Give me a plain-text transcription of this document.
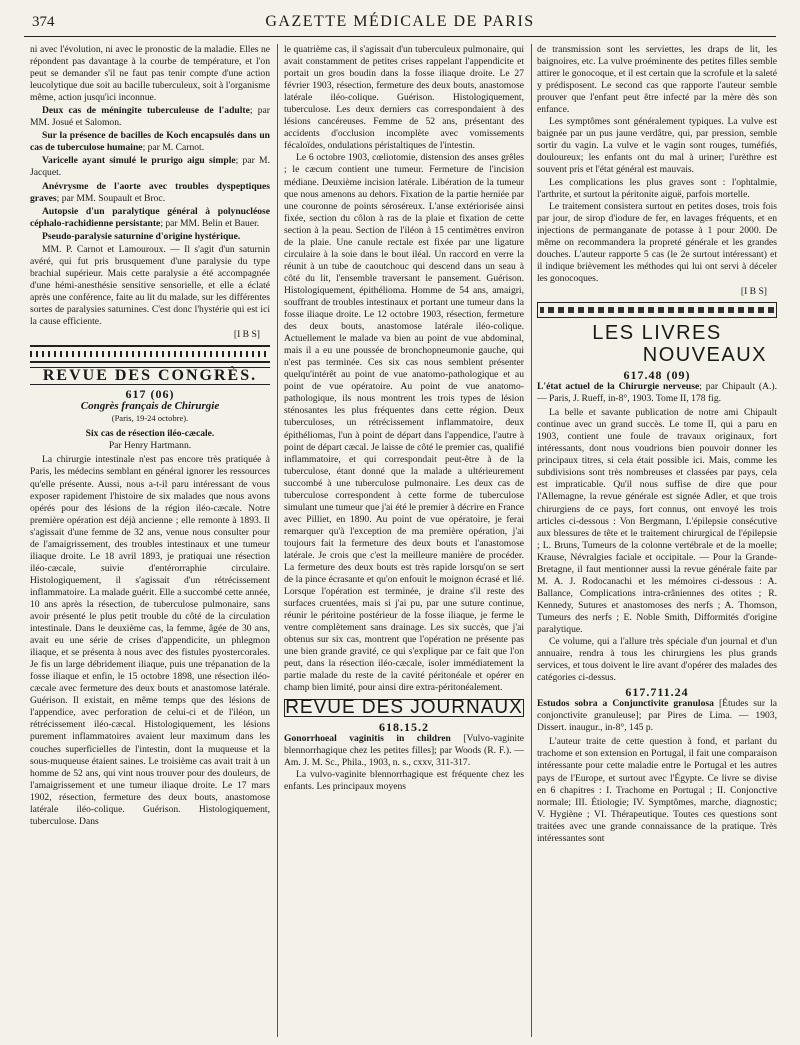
374	GAZETTE MÉDICALE DE PARIS

ni avec l'évolution, ni avec le pronostic de la maladie. Elles ne répondent pas davantage à la courbe de température, et l'on peut se demander s'il ne faut pas tenir compte d'une action leucolytique due soit au bacille tuberculeux, soit à l'organisme même, action jusqu'ici inconnue.

Deux cas de méningite tuberculeuse de l'adulte; par MM. Josué et Salomon.
Sur la présence de bacilles de Koch encapsulés dans un cas de tuberculose humaine; par M. Carnot.
Varicelle ayant simulé le prurigo aigu simple; par M. Jacquet.
Anévrysme de l'aorte avec troubles dyspeptiques graves; par MM. Soupault et Broc.
Autopsie d'un paralytique général à polynucléose céphalo-rachidienne persistante; par MM. Belin et Bauer.
Pseudo-paralysie saturnine d'origine hystérique.

MM. P. Carnot et Lamouroux. — Il s'agit d'un saturnin avéré, qui fut pris brusquement d'une paralysie du type brachial supérieur. Mais cette paralysie a été accompagnée d'une hémi-anesthésie sensitive sensorielle, et elle a éclaté après une conférence, faite au lit du malade, sur les différentes sortes de paralysies saturnines. C'est donc l'hystérie qui est ici la cause efficiente.

[I B S]
REVUE DES CONGRÈS.
617 (06)
Congrès français de Chirurgie
(Paris, 19-24 octobre).
Six cas de résection iléo-cæcale.
Par Henry Hartmann.

La chirurgie intestinale n'est pas encore très pratiquée à Paris, les médecins semblant en général ignorer les ressources qu'elle présente. Aussi, nous a-t-il paru intéressant de vous exposer rapidement l'histoire de six malades que nous avons opérés pour des lésions de la région iléo-cæcale. Notre première opération est déjà ancienne ; elle remonte à 1893. Il s'agissait d'une femme de 32 ans, venue nous consulter pour de l'amaigrissement, des troubles intestinaux et une tumeur iliaque droite. Le 18 avril 1893, je pratiquai une résection iléo-cæcale, suivie d'entérorraphie circulaire. Histologiquement, il s'agissait d'un rétrécissement inflammatoire. La malade guérit. Elle a succombé cette année, 10 ans après la résection, de tuberculose pulmonaire, sans avoir présenté le plus petit trouble du côté de la circulation intestinale. Dans le deuxième cas, la femme, âgée de 30 ans, avait eu une série de crises d'appendicite, un phlegmon iliaque, et se présenta à nous avec des fistules pyostercorales. Je fis un large débridement iliaque, puis une trépanation de la fosse iliaque et enfin, le 15 octobre 1898, une résection iléo-cæcale avec fermeture des deux bouts et anastomose latérale. Guérison. Il existait, en même temps que des lésions de l'appendice, avec perforation de celui-ci et de l'iléon, un rétrécissement iléo-cæcal. Histologiquement, les lésions purement inflammatoires avaient leur maximum dans les couches superficielles de l'intestin, dont la muqueuse et la sous-muqueuse étaient saines. Le troisième cas avait trait à un homme de 52 ans, qui vint nous trouver pour des douleurs, de l'amaigrissement et une tumeur iliaque droite. Le 17 mars 1902, résection, fermeture des deux bouts, anastomose latérale iléo-colique. Guérison. Histologiquement, tuberculose. Dans

le quatrième cas, il s'agissait d'un tuberculeux pulmonaire, qui avait constamment de petites crises rappelant l'appendicite et portait un gros boudin dans la fosse iliaque droite. Le 27 février 1903, résection, fermeture des deux bouts, anastomose latérale iléo-colique. Guérison. Histologiquement, tuberculose. Les deux derniers cas correspondaient à des lésions cancéreuses. Femme de 52 ans, présentant des accidents d'occlusion incomplète avec vomissements fécaloïdes, ondulations péristaltiques de l'intestin.

Le 6 octobre 1903, cœliotomie, distension des anses grêles ; le cæcum contient une tumeur. Fermeture de l'incision médiane. Deuxième incision latérale. Libération de la tumeur que nous amenons au dehors. Fixation de la partie herniée par une couronne de points séroséreux. L'anse extériorisée ainsi fixée, section du côlon à ras de la plaie et fixation de cette section à la peau. Section de l'iléon à 15 centimètres environ de la plaie. Une canule rectale est fixée par une ligature circulaire à la soie dans le bout iléal. Un raccord en verre la réunit à un tube de caoutchouc qui descend dans un seau à côté du lit, l'ensemble traversant le pansement. Guérison. Histologiquement, épithélioma. Homme de 54 ans, amaigri, souffrant de troubles intestinaux et portant une tumeur dans la fosse iliaque droite. Le 12 octobre 1903, résection, fermeture des deux bouts, anastomose latérale iléo-colique. Actuellement le malade va bien au point de vue abdominal, mais il a eu une poussée de bronchopneumonie gauche, qui n'est pas terminée. Ces six cas nous semblent présenter quelqu'intérêt au point de vue anatomo-pathologique et au point de vue opératoire. Au point de vue anatomo-pathologique, ils nous montrent les trois types de lésion sténosantes les plus fréquentes dans cette région. Deux tuberculoses, un rétrécissement inflammatoire, deux épithéliomas, l'un à point de départ dans l'appendice, l'autre à point de départ cæcal. Je laisse de côté le premier cas, qualifié inflammatoire, et qui correspondait peut-être à de la tuberculose, étant donné que la malade a ultérieurement succombé à une tuberculose pulmonaire. Les deux cas de tuberculose correspondent à cette forme de tuberculose simulant une tumeur que j'ai été le premier à décrire en France avec Pilliet, en 1890. Au point de vue opératoire, je ferai remarquer qu'à l'exception de ma première opération, j'ai toujours fait la fermeture des deux bouts et l'anastomose latérale. Je crois que c'est la meilleure manière de procéder. La fermeture des deux bouts est très rapide lorsqu'on se sert de la pince écrasante et qu'on enfouit le moignon écrasé et lié. Lorsque l'opération est terminée, je draine s'il reste des surfaces cruentées, mais si j'ai pu, par une suture continue, réunir le péritoine postérieur de la fosse iliaque, je ferme le ventre complètement sans drainage. Les six succès, que j'ai obtenus sur six cas, montrent que l'opération ne présente pas une bien grande gravité, ce qui s'explique par ce fait que l'on peut, dans la résection iléo-cæcale, isoler immédiatement la partie malade du reste de la cavité péritonéale et opérer en champ bien limité, pour ainsi dire extra-péritonéalement.

REVUE DES JOURNAUX
618.15.2

Gonorrhoeal vaginitis in children [Vulvo-vaginite blennorrhagique chez les petites filles]; par Woods (R. F.). — Am. J. M. Sc., Phila., 1903, n. s., cxxv, 311-317.

La vulvo-vaginite blennorrhagique est fréquente chez les enfants. Les principaux moyens

de transmission sont les serviettes, les draps de lit, les baignoires, etc. La vulve proéminente des petites filles semble attirer le gonocoque, et il est certain que la scrofule et la saleté y prédisposent. Le second cas que rapporte l'auteur semble prouver que l'enfant peut être infecté par la mère dès son enfance.

Les symptômes sont généralement typiques. La vulve est baignée par un pus jaune verdâtre, qui, par pression, semble sortir du vagin. La vulve et le vagin sont rouges, tuméfiés, douloureux; les enfants ont du mal à uriner; l'urèthre est souvent pris et l'état général est mauvais.

Les complications les plus graves sont : l'ophtalmie, l'arthrite, et surtout la péritonite aiguë, parfois mortelle.

Le traitement consistera surtout en petites doses, trois fois par jour, de sirop d'iodure de fer, en lavages fréquents, et en injections de permanganate de potasse à 1 pour 2000. De même on recommandera la propreté générale et les grandes douches. L'auteur rapporte 5 cas (le 2e surtout intéressant) et il indique brièvement les méthodes qui lui ont servi à déceler les gonocoques.

[I B S]
LES LIVRES
NOUVEAUX
617.48 (09)

L'état actuel de la Chirurgie nerveuse; par Chipault (A.). — Paris, J. Rueff, in-8°, 1903. Tome II, 178 fig.

La belle et savante publication de notre ami Chipault continue avec un grand succès. Le tome II, qui a paru en 1903, contient une foule de travaux originaux, fort intéressants, dont nous voudrions bien pouvoir donner les principaux titres, si cela était possible ici. Mais, comme les subdivisions sont très nombreuses et classées par pays, cela est impraticable. Qu'il nous suffise de dire que pour l'Allemagne, la revue générale est signée Adler, et que trois chirurgiens de ce pays, fort connus, ont envoyé les trois articles ci-dessous : Von Bergmann, L'épilepsie consécutive aux blessures de tête et le traitement chirurgical de l'épilepsie ; L. Bruns, Tumeurs de la colonne vertébrale et de la moelle; Krause, Névralgies faciale et occipitale. — Pour la Grande-Bretagne, il faut mentionner aussi la revue générale faite par M. A. J. Rodocanachi et les mémoires ci-dessous : A. Ballance, Complications intra-crâniennes des otites ; R. Kennedy, Sutures et anastomoses des nerfs ; A. Thomson, Tumeurs des nerfs ; E. Noble Smith, Difformités d'origine paralytique.

Ce volume, qui a l'allure très spéciale d'un journal et d'un annuaire, rendra à tous les chirurgiens les plus grands services, et tous doivent le lire avant d'opérer des malades des catégories ci-dessus.

617.711.24

Estudos sobra a Conjunctivite granulosa [Études sur la conjonctivite granuleuse]; par Pires de Lima. — 1903, Dissert. inaugur., in-8°, 145 p.

L'auteur traite de cette question à fond, et parlant du trachome et son extension en Portugal, il fait une comparaison intéressante pour cette maladie entre le Portugal et les autres pays de l'Europe, et surtout avec l'Égypte. Ce livre se divise en 6 chapitres : I. Trachome en Portugal ; II. Conjonctive normale; III. Étiologie; IV. Symptômes, marche, diagnostic; V. Hygiène ; VI. Thérapeutique. Toutes ces questions sont traitées avec une grande connaissance de la pratique. Très intéressantes sont
